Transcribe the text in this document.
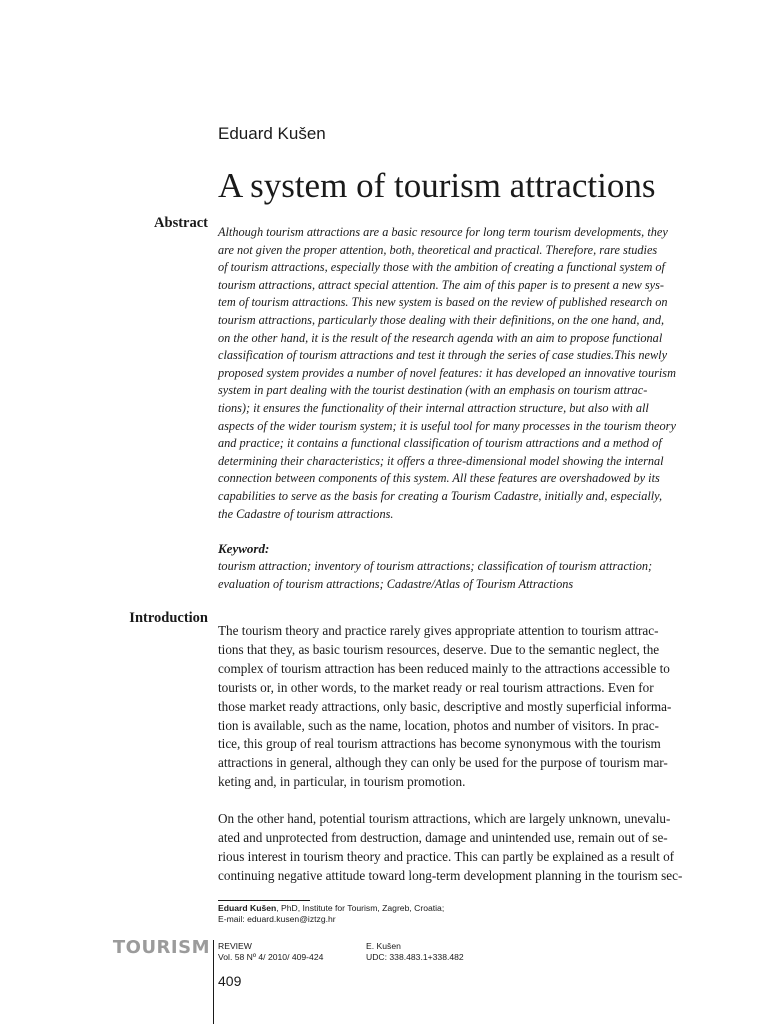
Eduard Kušen
A system of tourism attractions
Abstract
Although tourism attractions are a basic resource for long term tourism developments, they
are not given the proper attention, both, theoretical and practical. Therefore, rare studies
of tourism attractions, especially those with the ambition of creating a functional system of
tourism attractions, attract special attention. The aim of this paper is to present a new sys-
tem of tourism attractions. This new system is based on the review of published research on
tourism attractions, particularly those dealing with their definitions, on the one hand, and,
on the other hand, it is the result of the research agenda with an aim to propose functional
classification of tourism attractions and test it through the series of case studies.This newly
proposed system provides a number of novel features: it has developed an innovative tourism
system in part dealing with the tourist destination (with an emphasis on tourism attrac-
tions); it ensures the functionality of their internal attraction structure, but also with all
aspects of the wider tourism system; it is useful tool for many processes in the tourism theory
and practice; it contains a functional classification of tourism attractions and a method of
determining their characteristics; it offers a three-dimensional model showing the internal
connection between components of this system. All these features are overshadowed by its
capabilities to serve as the basis for creating a Tourism Cadastre, initially and, especially,
the Cadastre of tourism attractions.
Keyword:
tourism attraction; inventory of tourism attractions; classification of tourism attraction;
evaluation of tourism attractions; Cadastre/Atlas of Tourism Attractions
Introduction
The tourism theory and practice rarely gives appropriate attention to tourism attrac-
tions that they, as basic tourism resources, deserve. Due to the semantic neglect, the
complex of tourism attraction has been reduced mainly to the attractions accessible to
tourists or, in other words, to the market ready or real tourism attractions. Even for
those market ready attractions, only basic, descriptive and mostly superficial informa-
tion is available, such as the name, location, photos and number of visitors. In prac-
tice, this group of real tourism attractions has become synonymous with the tourism
attractions in general, although they can only be used for the purpose of tourism mar-
keting and, in particular, in tourism promotion.
On the other hand, potential tourism attractions, which are largely unknown, unevalu-
ated and unprotected from destruction, damage and unintended use, remain out of se-
rious interest in tourism theory and practice. This can partly be explained as a result of
continuing negative attitude toward long-term development planning in the tourism sec-
Eduard Kušen, PhD, Institute for Tourism, Zagreb, Croatia;
E-mail: eduard.kusen@iztzg.hr
TOURISM REVIEW
Vol. 58 Nº 4/ 2010/ 409-424
E. Kušen
UDC: 338.483.1+338.482
409
